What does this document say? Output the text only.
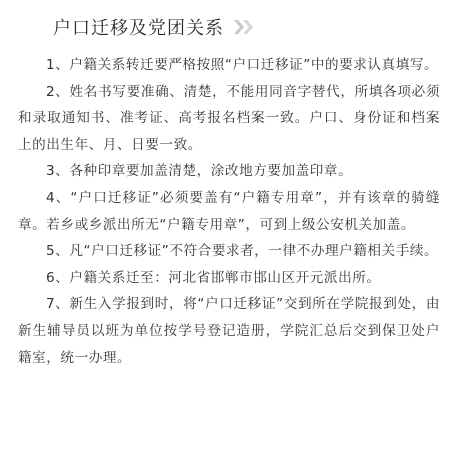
户口迁移及党团关系

1、户籍关系转迁要严格按照“户口迁移证”中的要求认真填写。

2、姓名书写要准确、清楚，不能用同音字替代，所填各项必须和录取通知书、准考证、高考报名档案一致。户口、身份证和档案上的出生年、月、日要一致。

3、各种印章要加盖清楚，涂改地方要加盖印章。

4、“户口迁移证”必须要盖有“户籍专用章”，并有该章的骑缝章。若乡或乡派出所无“户籍专用章”，可到上级公安机关加盖。

5、凡“户口迁移证”不符合要求者，一律不办理户籍相关手续。

6、户籍关系迁至：河北省邯郸市邯山区开元派出所。

7、新生入学报到时，将“户口迁移证”交到所在学院报到处，由新生辅导员以班为单位按学号登记造册，学院汇总后交到保卫处户籍室，统一办理。
